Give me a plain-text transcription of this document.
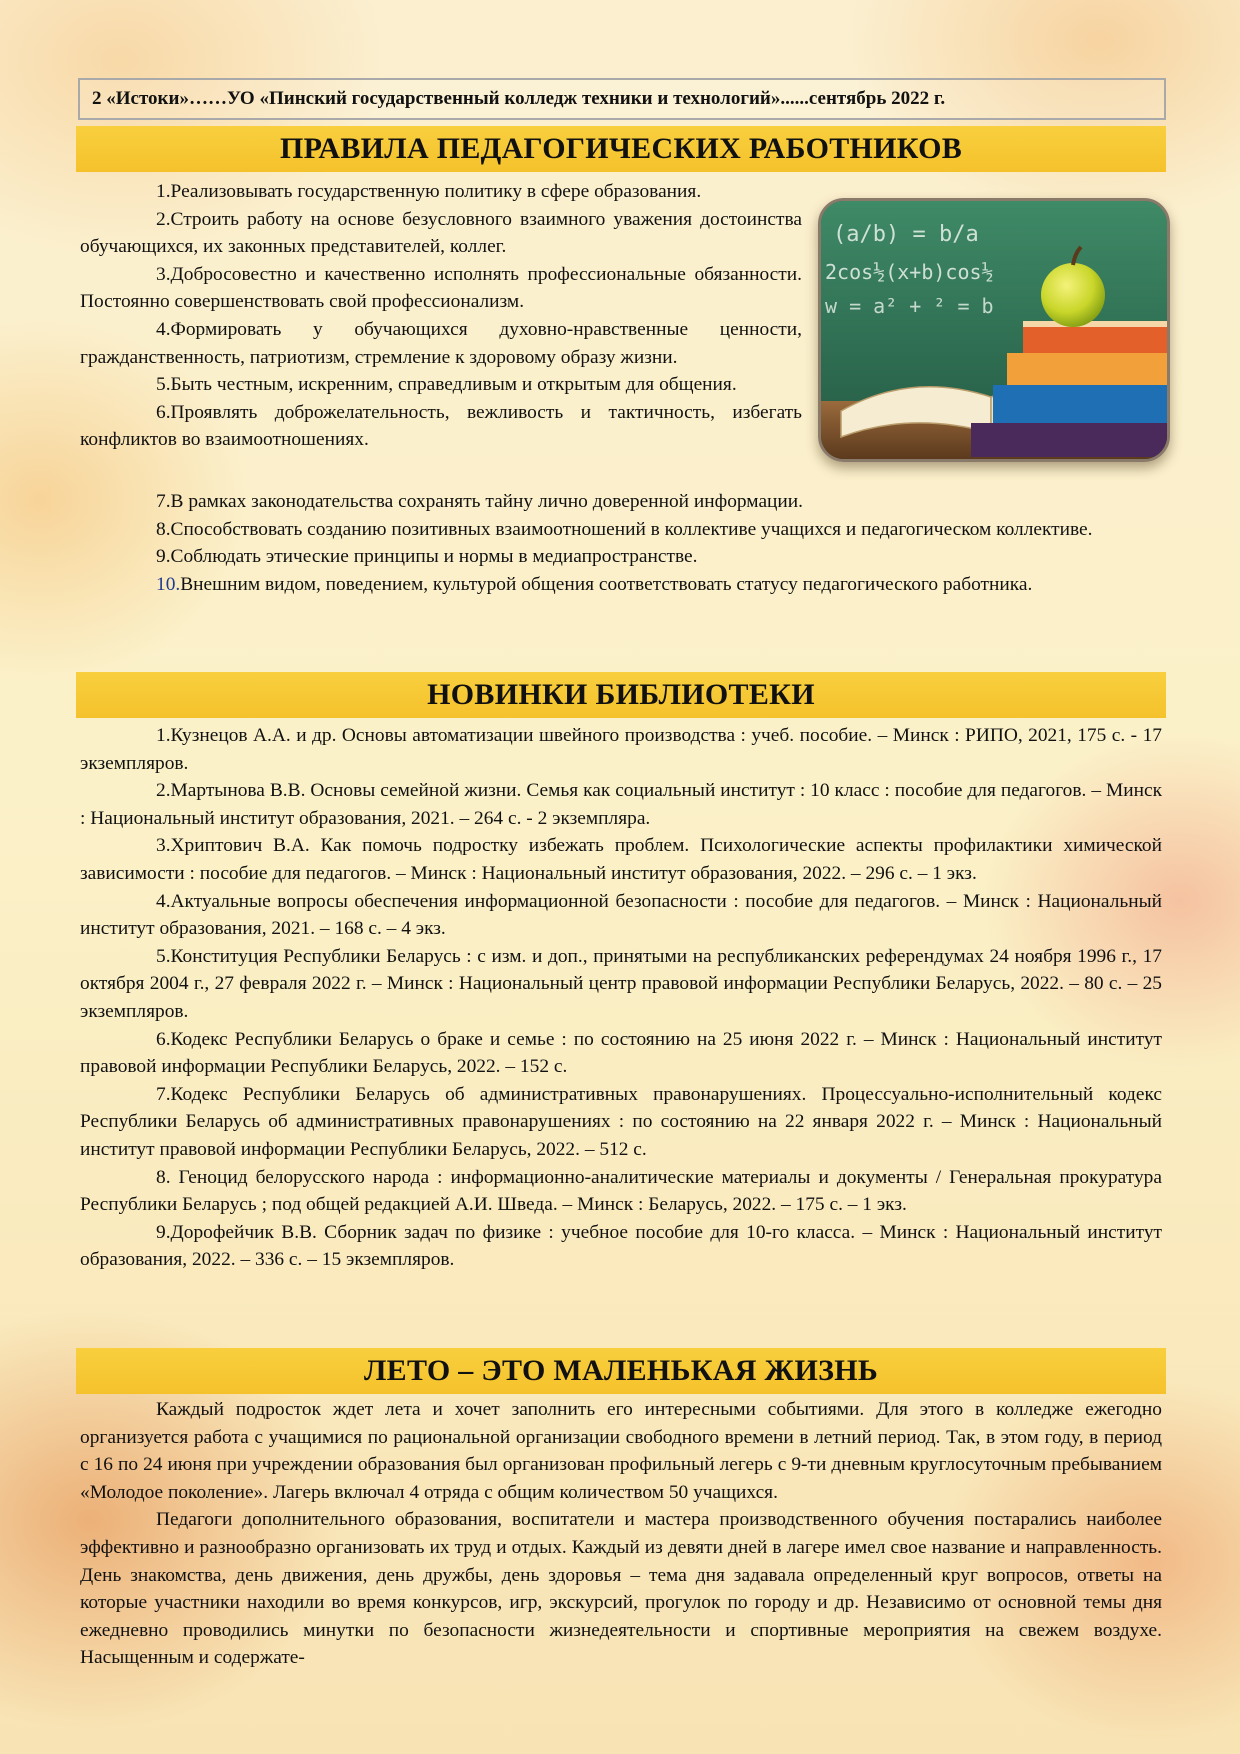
2 «Истоки»……УО «Пинский государственный колледж техники и технологий»......сентябрь 2022 г.
ПРАВИЛА ПЕДАГОГИЧЕСКИХ РАБОТНИКОВ
(a/b) = b/a
2cos½(x+b)cos½
w = a² + ² = b

1.Реализовывать государственную политику в сфере образования.

2.Строить работу на основе безусловного взаимного уважения достоинства обучающихся, их законных представителей, коллег.

3.Добросовестно и качественно исполнять профессиональные обязанности. Постоянно совершенствовать свой профессионализм.

4.Формировать у обучающихся духовно-нравственные ценности, гражданственность, патриотизм, стремление к здоровому образу жизни.

5.Быть честным, искренним, справедливым и открытым для общения.

6.Проявлять доброжелательность, вежливость и тактичность, избегать конфликтов во взаимоотношениях.

7.В рамках законодательства сохранять тайну лично доверенной информации.

8.Способствовать созданию позитивных взаимоотношений в коллективе учащихся и педагогическом коллективе.

9.Соблюдать этические принципы и нормы в медиапространстве.

10.Внешним видом, поведением, культурой общения соответствовать статусу педагогического работника.

НОВИНКИ БИБЛИОТЕКИ

1.Кузнецов А.А. и др. Основы автоматизации швейного производства : учеб. пособие. – Минск : РИПО, 2021, 175 с. - 17 экземпляров.

2.Мартынова В.В. Основы семейной жизни. Семья как социальный институт : 10 класс : пособие для педагогов. – Минск : Национальный институт образования, 2021. – 264 с. - 2 экземпляра.

3.Хриптович В.А. Как помочь подростку избежать проблем. Психологические аспекты профилактики химической зависимости : пособие для педагогов. – Минск : Национальный институт образования, 2022. – 296 с. – 1 экз.

4.Актуальные вопросы обеспечения информационной безопасности : пособие для педагогов. – Минск : Национальный институт образования, 2021. – 168 с. – 4 экз.

5.Конституция Республики Беларусь : с изм. и доп., принятыми на республиканских референдумах 24 ноября 1996 г., 17 октября 2004 г., 27 февраля 2022 г. – Минск : Национальный центр правовой информации Республики Беларусь, 2022. – 80 с. – 25 экземпляров.

6.Кодекс Республики Беларусь о браке и семье : по состоянию на 25 июня 2022 г. – Минск : Национальный институт правовой информации Республики Беларусь, 2022. – 152 с.

7.Кодекс Республики Беларусь об административных правонарушениях. Процессуально-исполнительный кодекс Республики Беларусь об административных правонарушениях : по состоянию на 22 января 2022 г. – Минск : Национальный институт правовой информации Республики Беларусь, 2022. – 512 с.

8. Геноцид белорусского народа : информационно-аналитические материалы и документы / Генеральная прокуратура Республики Беларусь ; под общей редакцией А.И. Шведа. – Минск : Беларусь, 2022. – 175 с. – 1 экз.

9.Дорофейчик В.В. Сборник задач по физике : учебное пособие для 10-го класса. – Минск : Национальный институт образования, 2022. – 336 с. – 15 экземпляров.

ЛЕТО – ЭТО МАЛЕНЬКАЯ ЖИЗНЬ

Каждый подросток ждет лета и хочет заполнить его интересными событиями. Для этого в колледже ежегодно организуется работа с учащимися по рациональной организации свободного времени в летний период. Так, в этом году, в период с 16 по 24 июня при учреждении образования был организован профильный легерь с 9-ти дневным круглосуточным пребыванием «Молодое поколение». Лагерь включал 4 отряда с общим количеством 50 учащихся.

Педагоги дополнительного образования, воспитатели и мастера производственного обучения постарались наиболее эффективно и разнообразно организовать их труд и отдых. Каждый из девяти дней в лагере имел свое название и направленность. День знакомства, день движения, день дружбы, день здоровья – тема дня задавала определенный круг вопросов, ответы на которые участники находили во время конкурсов, игр, экскурсий, прогулок по городу и др. Независимо от основной темы дня ежедневно проводились минутки по безопасности жизнедеятельности и спортивные мероприятия на свежем воздухе. Насыщенным и содержате-
